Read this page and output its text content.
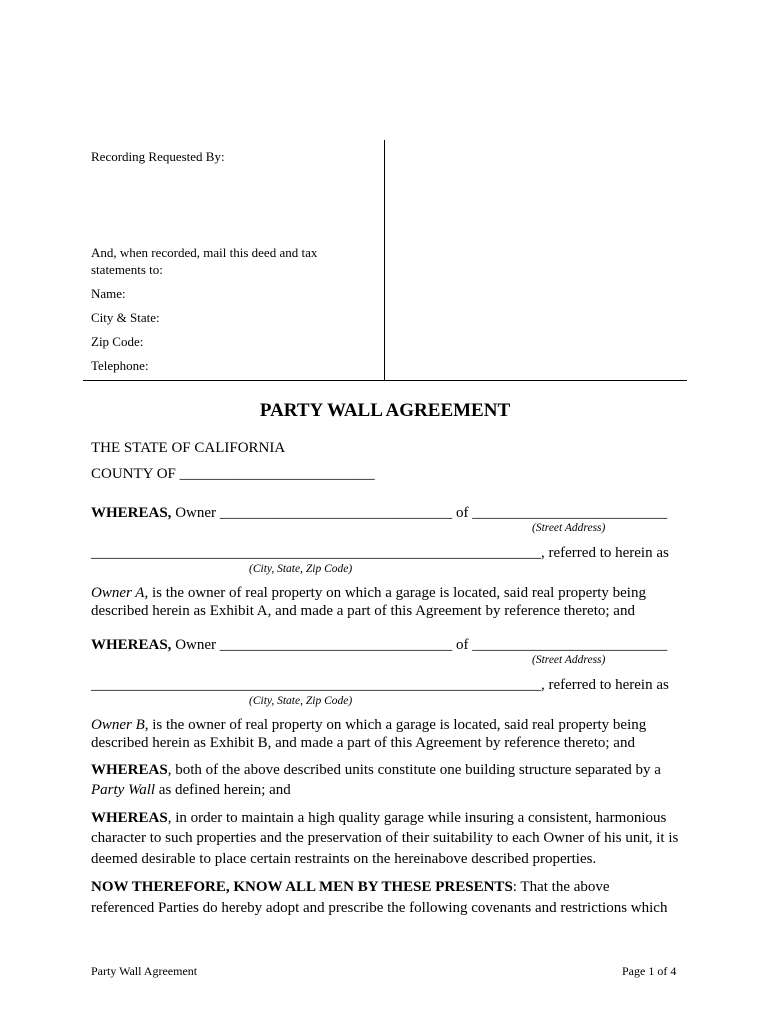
Recording Requested By:
And, when recorded, mail this deed and tax
statements to:
Name:
City & State:
Zip Code:
Telephone:
PARTY WALL AGREEMENT
THE STATE OF CALIFORNIA
COUNTY OF __________________________
WHEREAS, Owner _______________________________ of __________________________
(Street Address)
____________________________________________________________, referred to herein as
(City, State, Zip Code)
Owner A, is the owner of real property on which a garage is located, said real property being
described herein as Exhibit A, and made a part of this Agreement by reference thereto; and
WHEREAS, Owner _______________________________ of __________________________
(Street Address)
____________________________________________________________, referred to herein as
(City, State, Zip Code)
Owner B, is the owner of real property on which a garage is located, said real property being
described herein as Exhibit B, and made a part of this Agreement by reference thereto; and
WHEREAS, both of the above described units constitute one building structure separated by a
Party Wall as defined herein; and
WHEREAS, in order to maintain a high quality garage while insuring a consistent, harmonious
character to such properties and the preservation of their suitability to each Owner of his unit, it is
deemed desirable to place certain restraints on the hereinabove described properties.
NOW THEREFORE, KNOW ALL MEN BY THESE PRESENTS: That the above
referenced Parties do hereby adopt and prescribe the following covenants and restrictions which
Party Wall Agreement	Page 1 of 4
